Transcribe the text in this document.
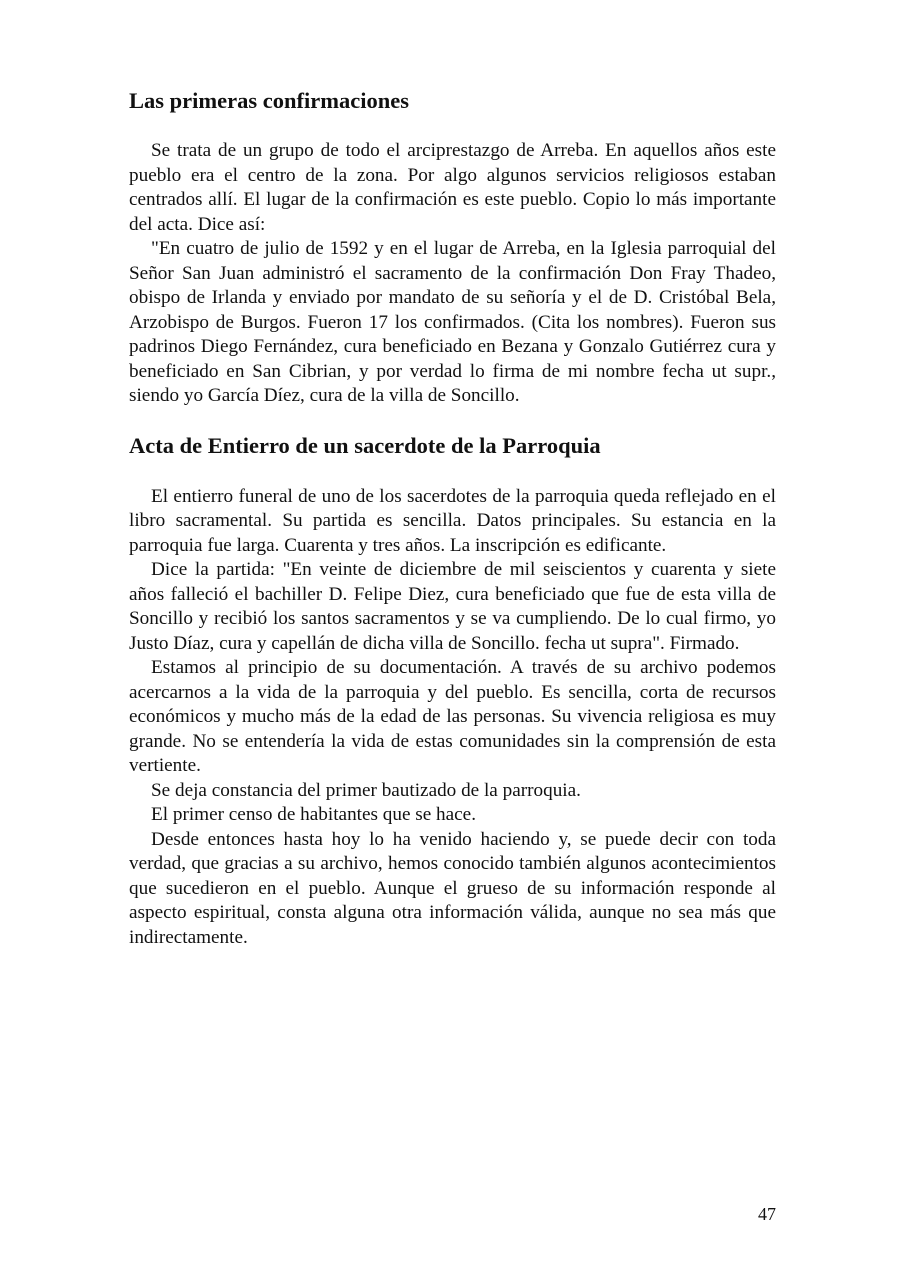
Las primeras confirmaciones

Se trata de un grupo de todo el arciprestazgo de Arreba. En aquellos años este pueblo era el centro de la zona. Por algo algunos servicios religiosos estaban centrados allí. El lugar de la confirmación es este pueblo. Copio lo más importante del acta. Dice así:

"En cuatro de julio de 1592 y en el lugar de Arreba, en la Iglesia parroquial del Señor San Juan administró el sacramento de la confirmación Don Fray Thadeo, obispo de Irlanda y enviado por mandato de su señoría y el de D. Cristóbal Bela, Arzobispo de Burgos. Fueron 17 los confirmados. (Cita los nombres). Fueron sus padrinos Diego Fernández, cura beneficiado en Bezana y Gonzalo Gutiérrez cura y beneficiado en San Cibrian, y por verdad lo firma de mi nombre fecha ut supr., siendo yo García Díez, cura de la villa de Soncillo.

Acta de Entierro de un sacerdote de la Parroquia

El entierro funeral de uno de los sacerdotes de la parroquia queda reflejado en el libro sacramental. Su partida es sencilla. Datos principales. Su estancia en la parroquia fue larga. Cuarenta y tres años. La inscripción es edificante.

Dice la partida: "En veinte de diciembre de mil seiscientos y cuarenta y siete años falleció el bachiller D. Felipe Diez, cura beneficiado que fue de esta villa de Soncillo y recibió los santos sacramentos y se va cumpliendo. De lo cual firmo, yo Justo Díaz, cura y capellán de dicha villa de Soncillo. fecha ut supra". Firmado.

Estamos al principio de su documentación. A través de su archivo podemos acercarnos a la vida de la parroquia y del pueblo. Es sencilla, corta de recursos económicos y mucho más de la edad de las personas. Su vivencia religiosa es muy grande. No se entendería la vida de estas comunidades sin la comprensión de esta vertiente.

Se deja constancia del primer bautizado de la parroquia.

El primer censo de habitantes que se hace.

Desde entonces hasta hoy lo ha venido haciendo y, se puede decir con toda verdad, que gracias a su archivo, hemos conocido también algunos acontecimientos que sucedieron en el pueblo. Aunque el grueso de su información responde al aspecto espiritual, consta alguna otra información válida, aunque no sea más que indirectamente.

47
